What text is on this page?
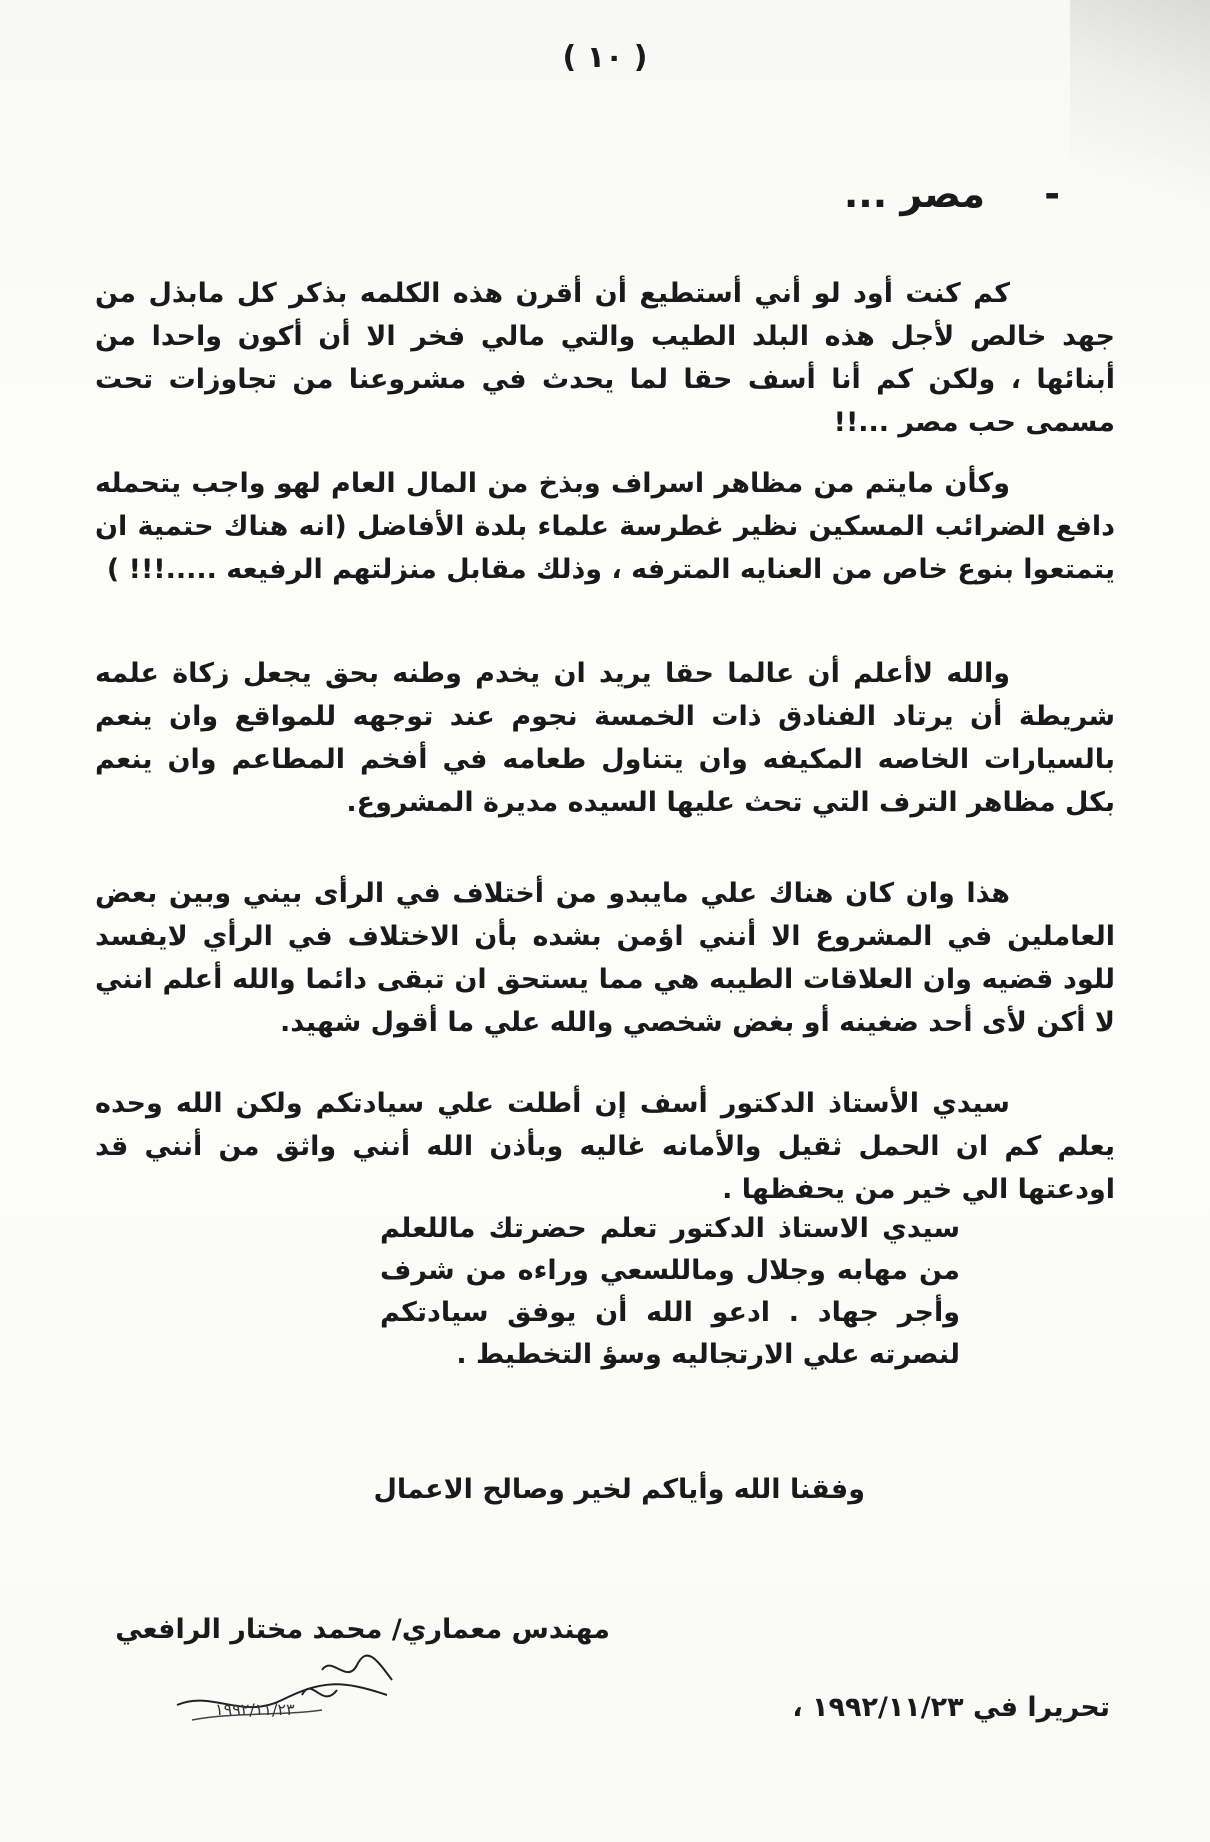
( ١٠ )
- مصر ...
كم كنت أود لو أني أستطيع أن أقرن هذه الكلمه بذكر كل مابذل من جهد خالص لأجل هذه البلد الطيب والتي مالي فخر الا أن أكون واحدا من أبنائها ، ولكن كم أنا أسف حقا لما يحدث في مشروعنا من تجاوزات تحت مسمى حب مصر ...!!
وكأن مايتم من مظاهر اسراف وبذخ من المال العام لهو واجب يتحمله دافع الضرائب المسكين نظير غطرسة علماء بلدة الأفاضل (انه هناك حتمية ان يتمتعوا بنوع خاص من العنايه المترفه ، وذلك مقابل منزلتهم الرفيعه .....!!! )
والله لاأعلم أن عالما حقا يريد ان يخدم وطنه بحق يجعل زكاة علمه شريطة أن يرتاد الفنادق ذات الخمسة نجوم عند توجهه للمواقع وان ينعم بالسيارات الخاصه المكيفه وان يتناول طعامه في أفخم المطاعم وان ينعم بكل مظاهر الترف التي تحث عليها السيده مديرة المشروع.
هذا وان كان هناك علي مايبدو من أختلاف في الرأى بيني وبين بعض العاملين في المشروع الا أنني اؤمن بشده بأن الاختلاف في الرأي لايفسد للود قضيه وان العلاقات الطيبه هي مما يستحق ان تبقى دائما والله أعلم انني لا أكن لأى أحد ضغينه أو بغض شخصي والله علي ما أقول شهيد.
سيدي الأستاذ الدكتور أسف إن أطلت علي سيادتكم ولكن الله وحده يعلم كم ان الحمل ثقيل والأمانه غاليه وبأذن الله أنني واثق من أنني قد اودعتها الي خير من يحفظها .
سيدي الاستاذ الدكتور تعلم حضرتك ماللعلم من مهابه وجلال وماللسعي وراءه من شرف وأجر جهاد . ادعو الله أن يوفق سيادتكم لنصرته علي الارتجاليه وسؤ التخطيط .
وفقنا الله وأياكم لخير وصالح الاعمال
مهندس معماري/ محمد مختار الرافعي
١٩٩٢/١١/٢٣	تحريرا في ١٩٩٢/١١/٢٣ ،
